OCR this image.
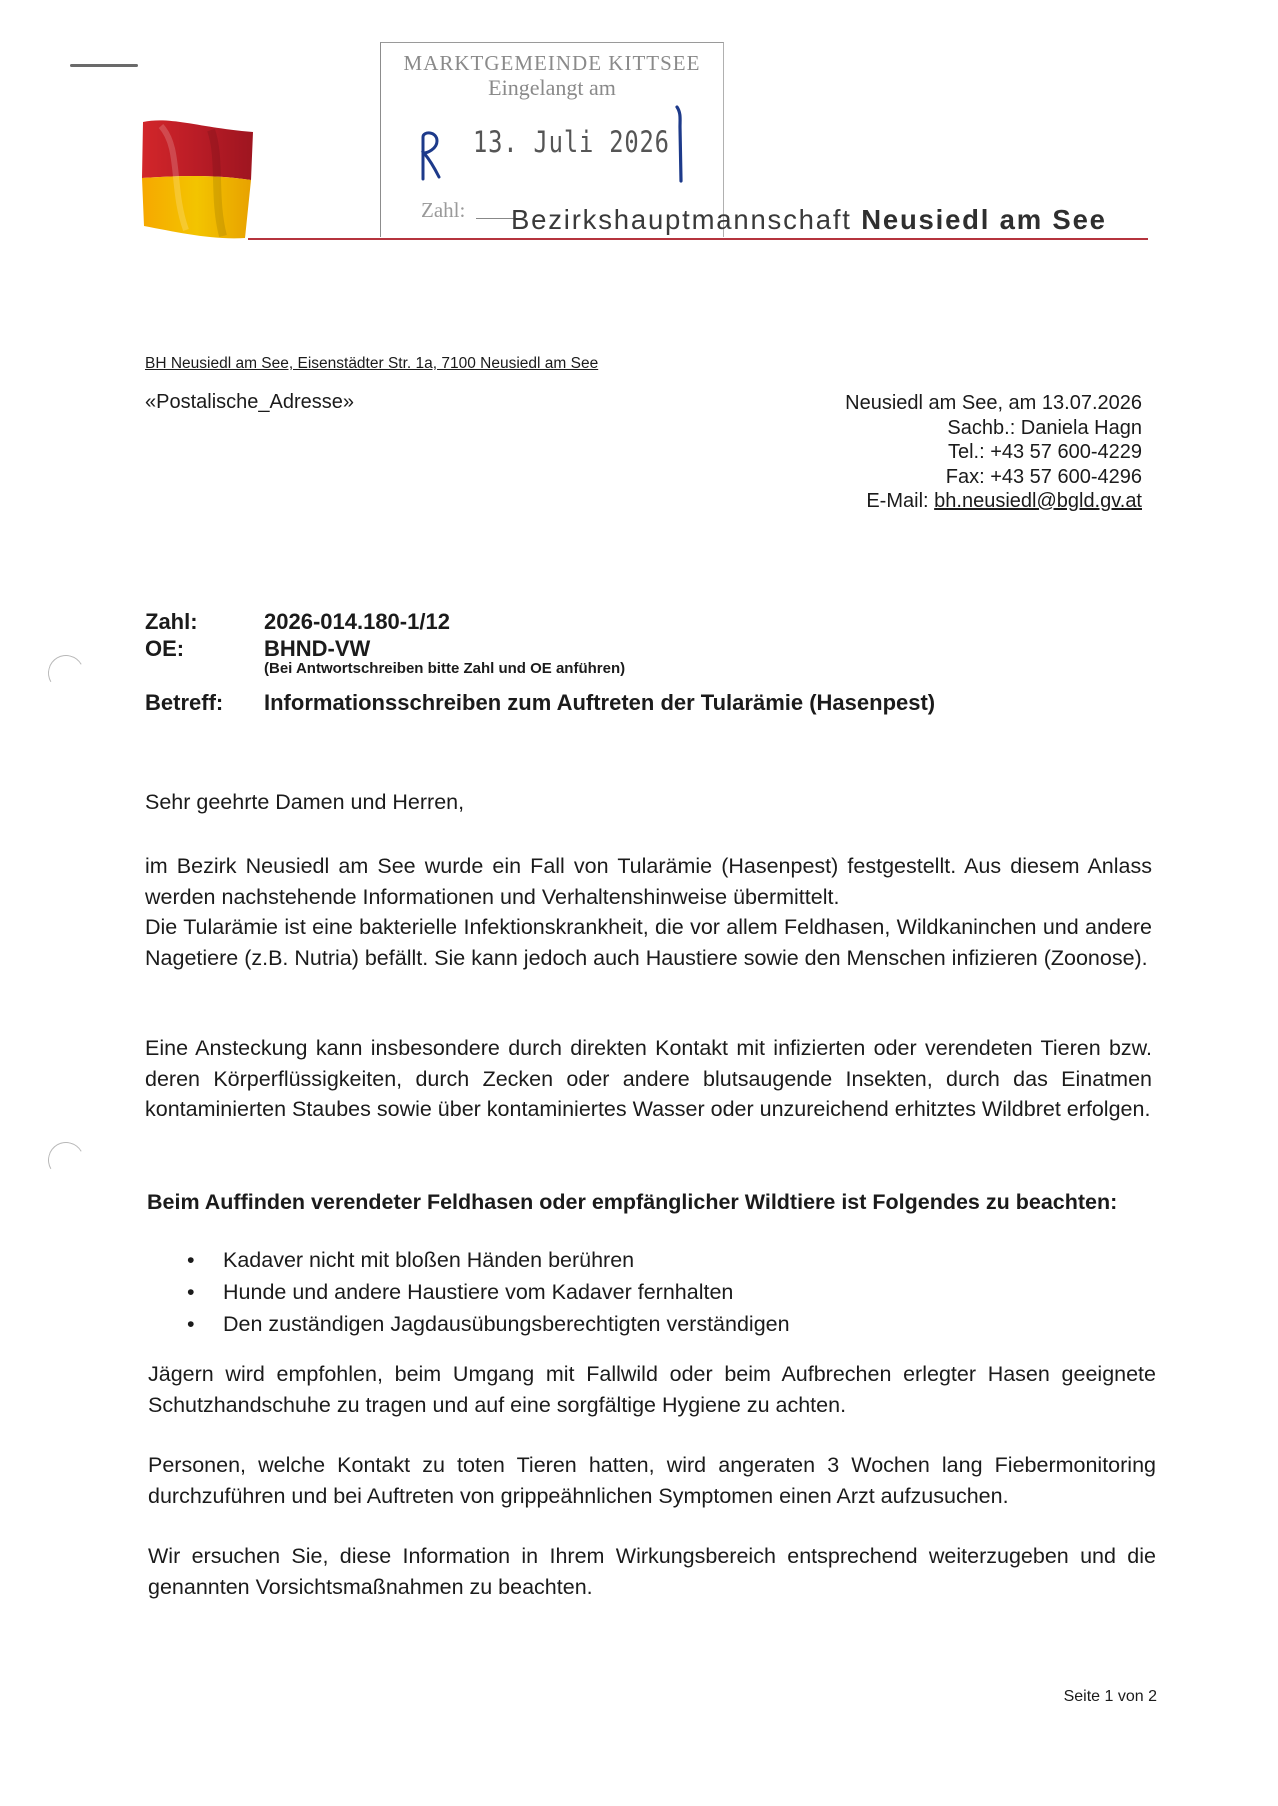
MARKTGEMEINDE KITTSEE
Eingelangt am
13. Juli 2026
Zahl: Bezirkshauptmannschaft Neusiedl am See
BH Neusiedl am See, Eisenstädter Str. 1a, 7100 Neusiedl am See
«Postalische_Adresse»	Neusiedl am See, am 13.07.2026
Sachb.: Daniela Hagn
Tel.: +43 57 600-4229
Fax: +43 57 600-4296
E-Mail: bh.neusiedl@bgld.gv.at
Zahl:	2026-014.180-1/12
OE:	BHND-VW
(Bei Antwortschreiben bitte Zahl und OE anführen)
Betreff: Informationsschreiben zum Auftreten der Tularämie (Hasenpest)
Sehr geehrte Damen und Herren,
im Bezirk Neusiedl am See wurde ein Fall von Tularämie (Hasenpest) festgestellt. Aus diesem Anlass werden nachstehende Informationen und Verhaltenshinweise übermittelt.
Die Tularämie ist eine bakterielle Infektionskrankheit, die vor allem Feldhasen, Wildkaninchen und andere Nagetiere (z.B. Nutria) befällt. Sie kann jedoch auch Haustiere sowie den Menschen infizieren (Zoonose).
Eine Ansteckung kann insbesondere durch direkten Kontakt mit infizierten oder verendeten Tieren bzw. deren Körperflüssigkeiten, durch Zecken oder andere blutsaugende Insekten, durch das Einatmen kontaminierten Staubes sowie über kontaminiertes Wasser oder unzureichend erhitztes Wildbret erfolgen.
Beim Auffinden verendeter Feldhasen oder empfänglicher Wildtiere ist Folgendes zu beachten:
• Kadaver nicht mit bloßen Händen berühren
• Hunde und andere Haustiere vom Kadaver fernhalten
• Den zuständigen Jagdausübungsberechtigten verständigen
Jägern wird empfohlen, beim Umgang mit Fallwild oder beim Aufbrechen erlegter Hasen geeignete Schutzhandschuhe zu tragen und auf eine sorgfältige Hygiene zu achten.
Personen, welche Kontakt zu toten Tieren hatten, wird angeraten 3 Wochen lang Fiebermonitoring durchzuführen und bei Auftreten von grippeähnlichen Symptomen einen Arzt aufzusuchen.
Wir ersuchen Sie, diese Information in Ihrem Wirkungsbereich entsprechend weiterzugeben und die genannten Vorsichtsmaßnahmen zu beachten.
Seite 1 von 2
